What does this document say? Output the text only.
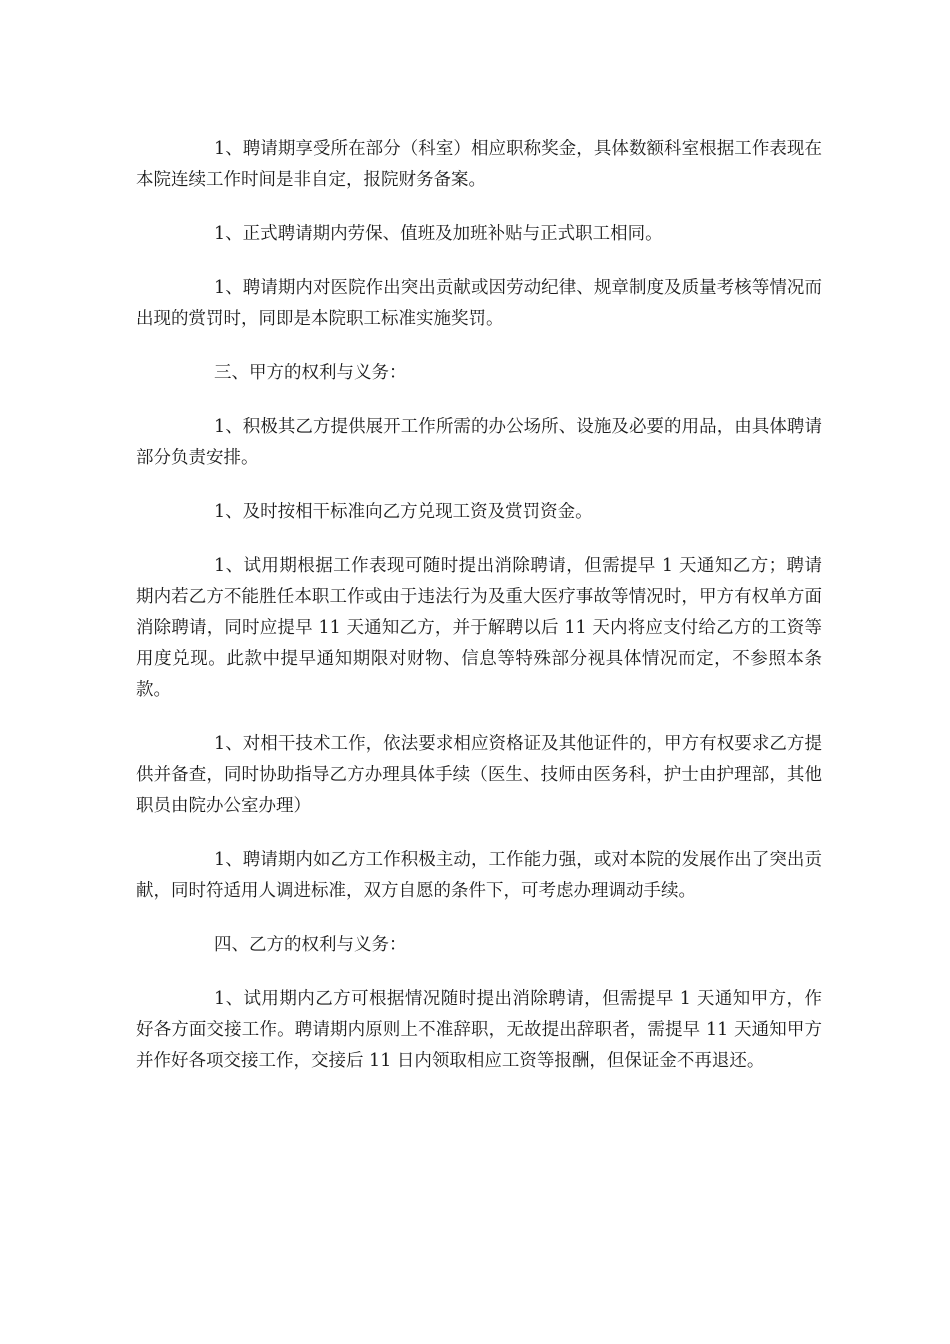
1、聘请期享受所在部分（科室）相应职称奖金，具体数额科室根据工作表现在本院连续工作时间是非自定，报院财务备案。

1、正式聘请期内劳保、值班及加班补贴与正式职工相同。

1、聘请期内对医院作出突出贡献或因劳动纪律、规章制度及质量考核等情况而出现的赏罚时，同即是本院职工标准实施奖罚。

三、甲方的权利与义务：

1、积极其乙方提供展开工作所需的办公场所、设施及必要的用品，由具体聘请部分负责安排。

1、及时按相干标准向乙方兑现工资及赏罚资金。

1、试用期根据工作表现可随时提出消除聘请，但需提早 1 天通知乙方；聘请期内若乙方不能胜任本职工作或由于违法行为及重大医疗事故等情况时，甲方有权单方面消除聘请，同时应提早 11 天通知乙方，并于解聘以后 11 天内将应支付给乙方的工资等用度兑现。此款中提早通知期限对财物、信息等特殊部分视具体情况而定，不参照本条款。

1、对相干技术工作，依法要求相应资格证及其他证件的，甲方有权要求乙方提供并备查，同时协助指导乙方办理具体手续（医生、技师由医务科，护士由护理部，其他职员由院办公室办理）

1、聘请期内如乙方工作积极主动，工作能力强，或对本院的发展作出了突出贡献，同时符适用人调进标准，双方自愿的条件下，可考虑办理调动手续。

四、乙方的权利与义务：

1、试用期内乙方可根据情况随时提出消除聘请，但需提早 1 天通知甲方，作好各方面交接工作。聘请期内原则上不准辞职，无故提出辞职者，需提早 11 天通知甲方并作好各项交接工作，交接后 11 日内领取相应工资等报酬，但保证金不再退还。
